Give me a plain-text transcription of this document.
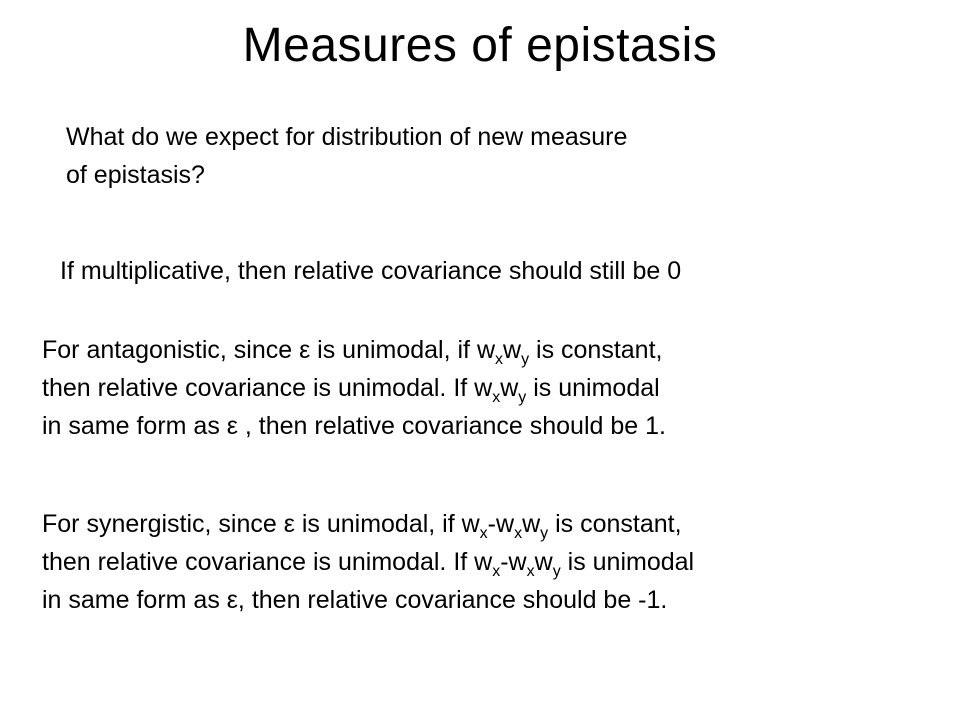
Measures of epistasis
What do we expect for distribution of new measure
of epistasis?
If multiplicative, then relative covariance should still be 0
For antagonistic, since ε is unimodal, if $w_xw_y$ is constant,
then relative covariance is unimodal. If $w_xw_y$ is unimodal
in same form as ε , then relative covariance should be 1.
For synergistic, since ε is unimodal, if $w_x-w_xw_y$ is constant,
then relative covariance is unimodal. If $w_x-w_xw_y$ is unimodal
in same form as ε, then relative covariance should be -1.
